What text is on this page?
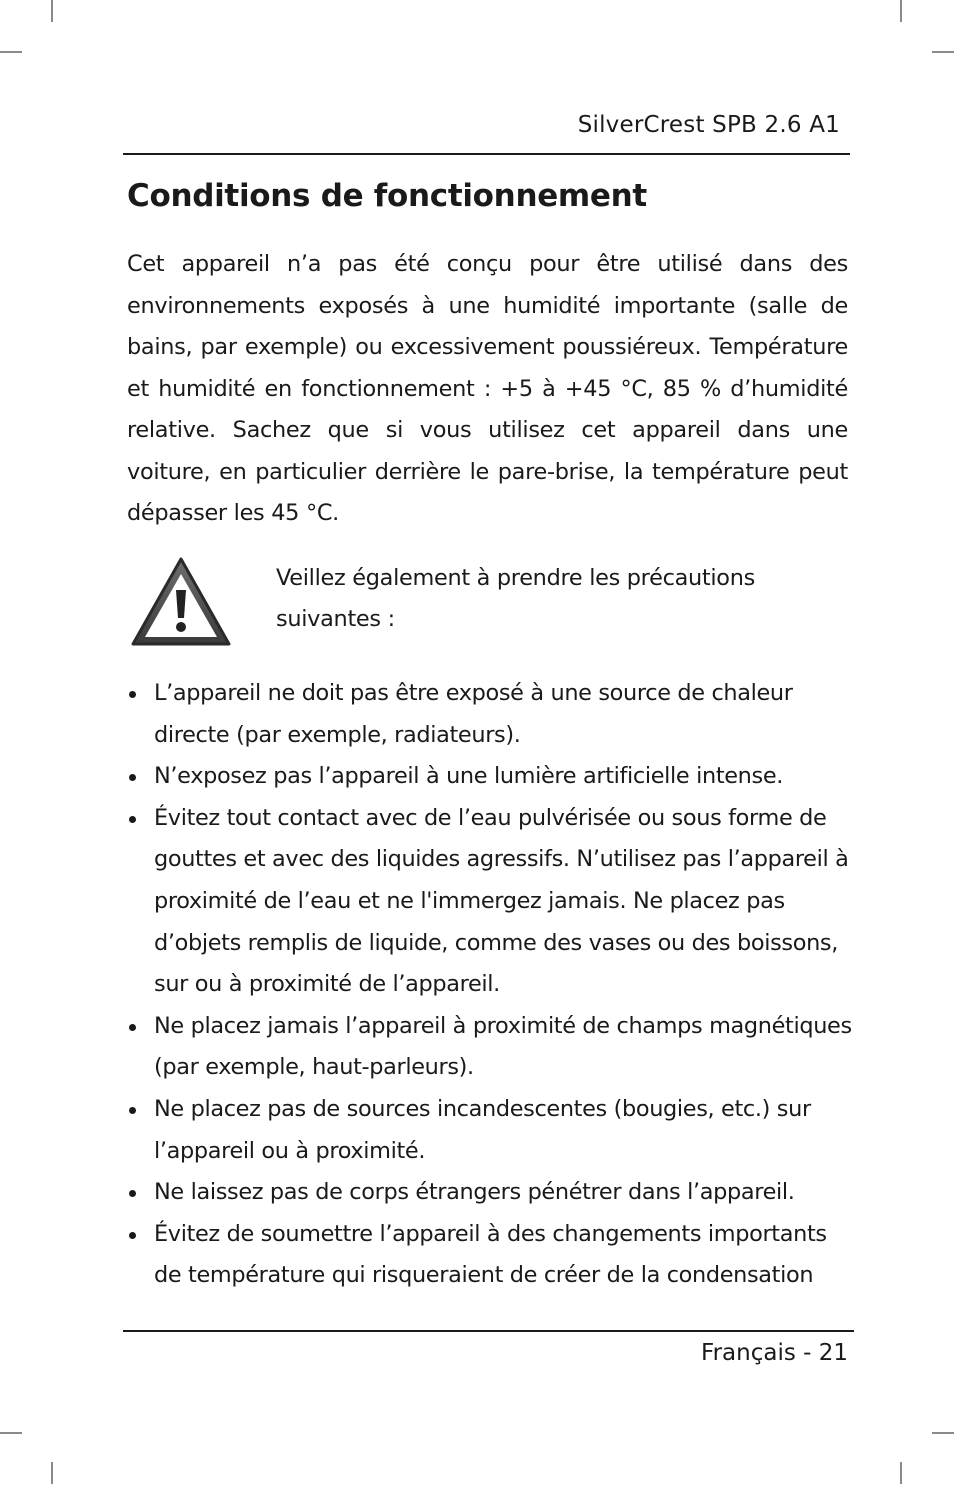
SilverCrest SPB 2.6 A1
Conditions de fonctionnement

Cet appareil n’a pas été conçu pour être utilisé dans des environnements exposés à une humidité importante (salle de bains, par exemple) ou excessivement poussiéreux. Température et humidité en fonctionnement : +5 à +45 °C, 85 % d’humidité relative. Sachez que si vous utilisez cet appareil dans une voiture, en particulier derrière le pare-brise, la température peut dépasser les 45 °C.

Veillez également à prendre les précautions suivantes :

L’appareil ne doit pas être exposé à une source de chaleur directe (par exemple, radiateurs).
N’exposez pas l’appareil à une lumière artificielle intense.
Évitez tout contact avec de l’eau pulvérisée ou sous forme de gouttes et avec des liquides agressifs. N’utilisez pas l’appareil à proximité de l’eau et ne l'immergez jamais. Ne placez pas d’objets remplis de liquide, comme des vases ou des boissons, sur ou à proximité de l’appareil.
Ne placez jamais l’appareil à proximité de champs magnétiques (par exemple, haut-parleurs).
Ne placez pas de sources incandescentes (bougies, etc.) sur l’appareil ou à proximité.
Ne laissez pas de corps étrangers pénétrer dans l’appareil.
Évitez de soumettre l’appareil à des changements importants de température qui risqueraient de créer de la condensation
Français - 21
